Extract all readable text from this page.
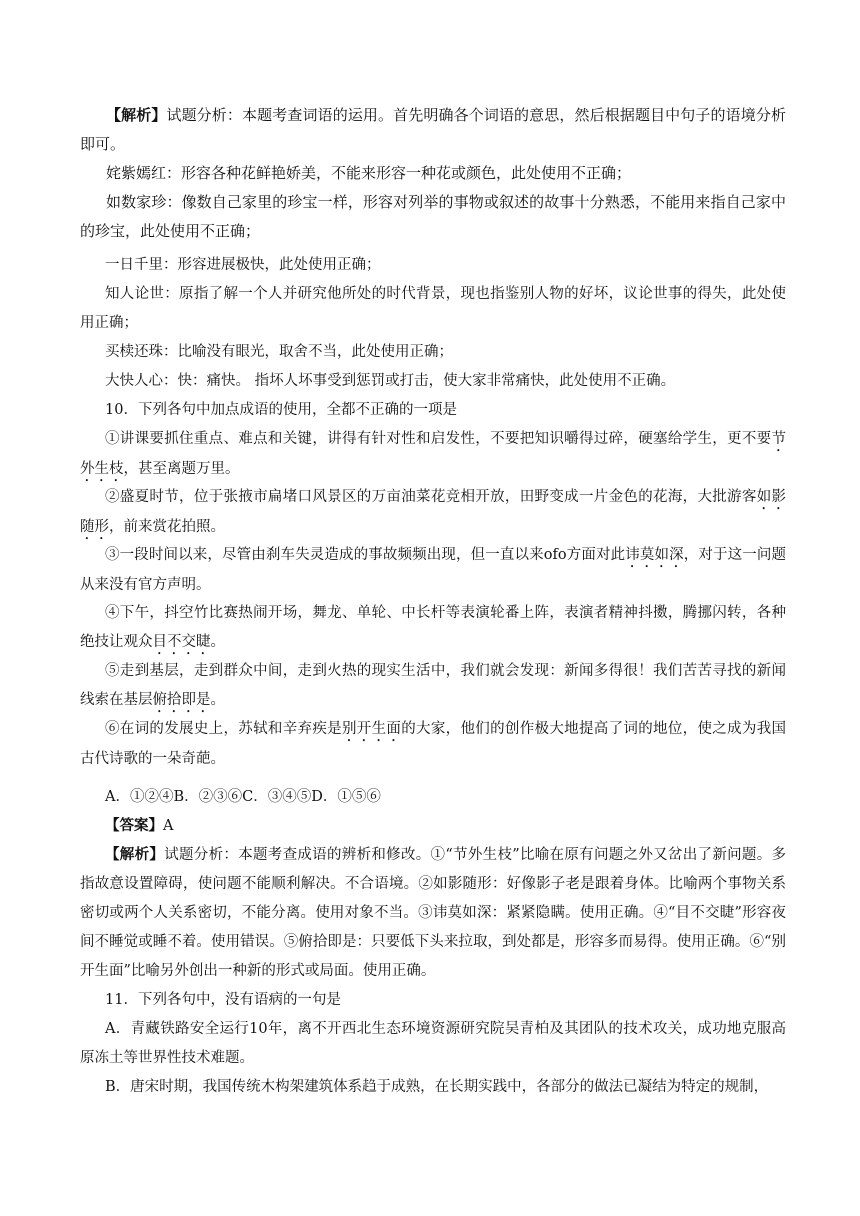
【解析】试题分析：本题考查词语的运用。首先明确各个词语的意思，然后根据题目中句子的语境分析即可。

姹紫嫣红：形容各种花鲜艳娇美，不能来形容一种花或颜色，此处使用不正确；

如数家珍：像数自己家里的珍宝一样，形容对列举的事物或叙述的故事十分熟悉，不能用来指自己家中的珍宝，此处使用不正确；

一日千里：形容进展极快，此处使用正确；

知人论世：原指了解一个人并研究他所处的时代背景，现也指鉴别人物的好坏，议论世事的得失，此处使用正确；

买椟还珠：比喻没有眼光，取舍不当，此处使用正确；

大快人心：快：痛快。 指坏人坏事受到惩罚或打击，使大家非常痛快，此处使用不正确。

10．下列各句中加点成语的使用，全都不正确的一项是

①讲课要抓住重点、难点和关键，讲得有针对性和启发性，不要把知识嚼得过碎，硬塞给学生，更不要节外生枝，甚至离题万里。

②盛夏时节，位于张掖市扁堵口风景区的万亩油菜花竞相开放，田野变成一片金色的花海，大批游客如影随形，前来赏花拍照。

③一段时间以来，尽管由刹车失灵造成的事故频频出现，但一直以来ofo方面对此讳莫如深，对于这一问题从来没有官方声明。

④下午，抖空竹比赛热闹开场，舞龙、单轮、中长杆等表演轮番上阵，表演者精神抖擞，腾挪闪转，各种绝技让观众目不交睫。

⑤走到基层，走到群众中间，走到火热的现实生活中，我们就会发现：新闻多得很！我们苦苦寻找的新闻线索在基层俯拾即是。

⑥在词的发展史上，苏轼和辛弃疾是别开生面的大家，他们的创作极大地提高了词的地位，使之成为我国古代诗歌的一朵奇葩。

A．①②④B．②③⑥C．③④⑤D．①⑤⑥

【答案】A

【解析】试题分析：本题考查成语的辨析和修改。①“节外生枝”比喻在原有问题之外又岔出了新问题。多指故意设置障碍，使问题不能顺利解决。不合语境。②如影随形：好像影子老是跟着身体。比喻两个事物关系密切或两个人关系密切，不能分离。使用对象不当。③讳莫如深：紧紧隐瞒。使用正确。④“目不交睫”形容夜间不睡觉或睡不着。使用错误。⑤俯拾即是：只要低下头来拉取，到处都是，形容多而易得。使用正确。⑥“别开生面”比喻另外创出一种新的形式或局面。使用正确。

11．下列各句中，没有语病的一句是

A．青藏铁路安全运行10年，离不开西北生态环境资源研究院吴青柏及其团队的技术攻关，成功地克服高原冻土等世界性技术难题。

B．唐宋时期，我国传统木构架建筑体系趋于成熟，在长期实践中，各部分的做法已凝结为特定的规制，
